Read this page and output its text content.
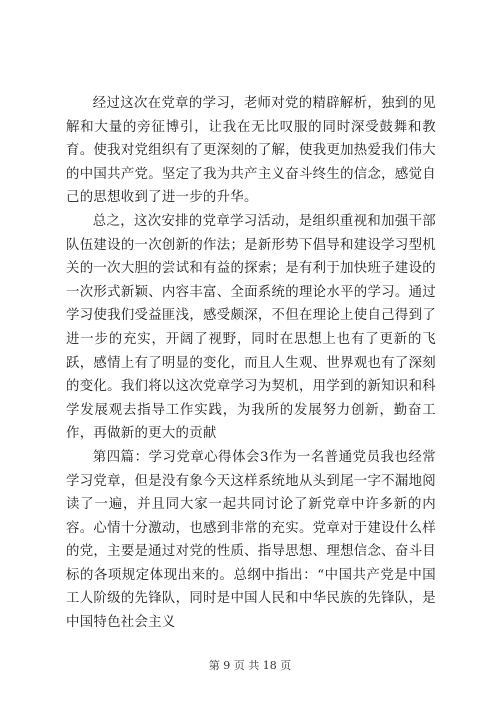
经过这次在党章的学习，老师对党的精辟解析，独到的见解和大量的旁征博引，让我在无比叹服的同时深受鼓舞和教育。使我对党组织有了更深刻的了解，使我更加热爱我们伟大的中国共产党。坚定了我为共产主义奋斗终生的信念，感觉自己的思想收到了进一步的升华。

总之，这次安排的党章学习活动，是组织重视和加强干部队伍建设的一次创新的作法；是新形势下倡导和建设学习型机关的一次大胆的尝试和有益的探索；是有利于加快班子建设的一次形式新颖、内容丰富、全面系统的理论水平的学习。通过学习使我们受益匪浅，感受颇深，不但在理论上使自己得到了进一步的充实，开阔了视野，同时在思想上也有了更新的飞跃，感情上有了明显的变化，而且人生观、世界观也有了深刻的变化。我们将以这次党章学习为契机，用学到的新知识和科学发展观去指导工作实践，为我所的发展努力创新，勤奋工作，再做新的更大的贡献

第四篇：学习党章心得体会3作为一名普通党员我也经常学习党章，但是没有象今天这样系统地从头到尾一字不漏地阅读了一遍，并且同大家一起共同讨论了新党章中许多新的内容。心情十分激动，也感到非常的充实。党章对于建设什么样的党，主要是通过对党的性质、指导思想、理想信念、奋斗目标的各项规定体现出来的。总纲中指出：“中国共产党是中国工人阶级的先锋队，同时是中国人民和中华民族的先锋队，是中国特色社会主义

第 9 页 共 18 页
